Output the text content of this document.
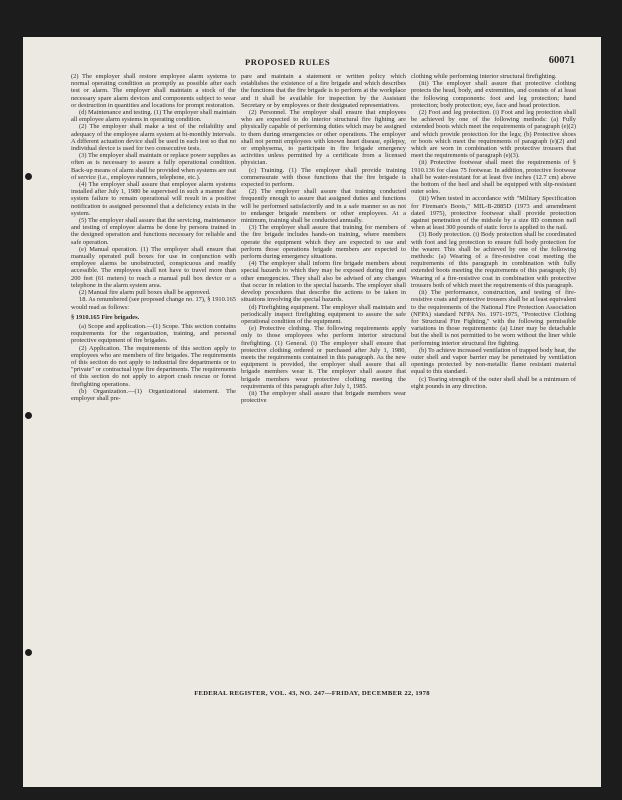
PROPOSED RULES	60071

(2) The employer shall restore employee alarm systems to normal operating condition as promptly as possible after each test or alarm. The employer shall maintain a stock of the necessary spare alarm devices and components subject to wear or destruction in quantities and locations for prompt restoration.

(d) Maintenance and testing. (1) The employer shall maintain all employee alarm systems in operating condition.

(2) The employer shall make a test of the reliability and adequacy of the employee alarm system at bi-monthly intervals. A different actuation device shall be used in each test so that no individual device is used for two consecutive tests.

(3) The employer shall maintain or replace power supplies as often as is necessary to assure a fully operational condition. Back-up means of alarm shall be provided when systems are out of service (i.e., employee runners, telephone, etc.).

(4) The employer shall assure that employee alarm systems installed after July 1, 1980 be supervised in such a manner that system failure to remain operational will result in a positive notification to assigned personnel that a deficiency exists in the system.

(5) The employer shall assure that the servicing, maintenance and testing of employee alarms be done by persons trained in the designed operation and functions necessary for reliable and safe operation.

(e) Manual operation. (1) The employer shall ensure that manually operated pull boxes for use in conjunction with employee alarms be unobstructed, conspicuous and readily accessible. The employees shall not have to travel more than 200 feet (61 meters) to reach a manual pull box device or a telephone in the alarm system area.

(2) Manual fire alarm pull boxes shall be approved.

18. As renumbered (see proposed change no. 17), § 1910.165 would read as follows:

§ 1910.165 Fire brigades.

(a) Scope and application.—(1) Scope. This section contains requirements for the organization, training, and personal protective equipment of fire brigades.

(2) Application. The requirements of this section apply to employees who are members of fire brigades. The requirements of this section do not apply to industrial fire departments or to "private" or contractual type fire departments. The requirements of this section do not apply to airport crash rescue or forest firefighting operations.

(b) Organization.—(1) Organizational statement. The employer shall pre-

pare and maintain a statement or written policy which establishes the existence of a fire brigade and which describes the functions that the fire brigade is to perform at the workplace and it shall be available for inspection by the Assistant Secretary or by employees or their designated representatives.

(2) Personnel. The employer shall ensure that employees who are expected to do interior structural fire fighting are physically capable of performing duties which may be assigned to them during emergencies or other operations. The employer shall not permit employees with known heart disease, epilepsy, or emphysema, to participate in fire brigade emergency activities unless permitted by a certificate from a licensed physician.

(c) Training. (1) The employer shall provide training commensurate with those functions that the fire brigade is expected to perform.

(2) The employer shall assure that training conducted frequently enough to assure that assigned duties and functions will be performed satisfactorily and in a safe manner so as not to endanger brigade members or other employees. At a minimum, training shall be conducted annually.

(3) The employer shall assure that training for members of the fire brigade includes hands-on training, where members operate the equipment which they are expected to use and perform those operations brigade members are expected to perform during emergency situations.

(4) The employer shall inform fire brigade members about special hazards to which they may be exposed during fire and other emergencies. They shall also be advised of any changes that occur in relation to the special hazards. The employer shall develop procedures that describe the actions to be taken in situations involving the special hazards.

(d) Firefighting equipment. The employer shall maintain and periodically inspect firefighting equipment to assure the safe operational condition of the equipment.

(e) Protective clothing. The following requirements apply only to those employees who perform interior structural firefighting. (1) General. (i) The employer shall ensure that protective clothing ordered or purchased after July 1, 1980, meets the requirements contained in this paragraph. As the new equipment is provided, the employer shall assure that all brigade members wear it. The employer shall assure that brigade members wear protective clothing meeting the requirements of this paragraph after July 1, 1985.

(ii) The employer shall assure that brigade members wear protective

clothing while performing interior structural firefighting.

(iii) The employer shall assure that protective clothing protects the head, body, and extremities, and consists of at least the following components: foot and leg protection; hand protection; body protection; eye, face and head protection.

(2) Foot and leg protection. (i) Foot and leg protection shall be achieved by one of the following methods: (a) Fully extended boots which meet the requirements of paragraph (e)(2) and which provide protection for the legs; (b) Protective shoes or boots which meet the requirements of paragraph (e)(2) and which are worn in combination with protective trousers that meet the requirements of paragraph (e)(3).

(ii) Protective footwear shall meet the requirements of § 1910.136 for class 75 footwear. In addition, protective footwear shall be water-resistant for at least five inches (12.7 cm) above the bottom of the heel and shall be equipped with slip-resistant outer soles.

(iii) When tested in accordance with "Military Specification for Fireman's Boots," MIL-B-2885D (1973 and amendment dated 1975), protective footwear shall provide protection against penetration of the midsole by a size 8D common nail when at least 300 pounds of static force is applied to the nail.

(3) Body protection. (i) Body protection shall be coordinated with foot and leg protection to ensure full body protection for the wearer. This shall be achieved by one of the following methods: (a) Wearing of a fire-resistive coat meeting the requirements of this paragraph in combination with fully extended boots meeting the requirements of this paragraph; (b) Wearing of a fire-resistive coat in combination with protective trousers both of which meet the requirements of this paragraph.

(ii) The performance, construction, and testing of fire-resistive coats and protective trousers shall be at least equivalent to the requirements of the National Fire Protection Association (NFPA) standard NFPA No. 1971-1975, "Protective Clothing for Structural Fire Fighting," with the following permissible variations in those requirements: (a) Liner may be detachable but the shell is not permitted to be worn without the liner while performing interior structural fire fighting.

(b) To achieve increased ventilation of trapped body heat, the outer shell and vapor barrier may be penetrated by ventilation openings protected by non-metallic flame resistant material equal to this standard.

(c) Tearing strength of the outer shell shall be a minimum of eight pounds in any direction.

FEDERAL REGISTER, VOL. 43, NO. 247—FRIDAY, DECEMBER 22, 1978
